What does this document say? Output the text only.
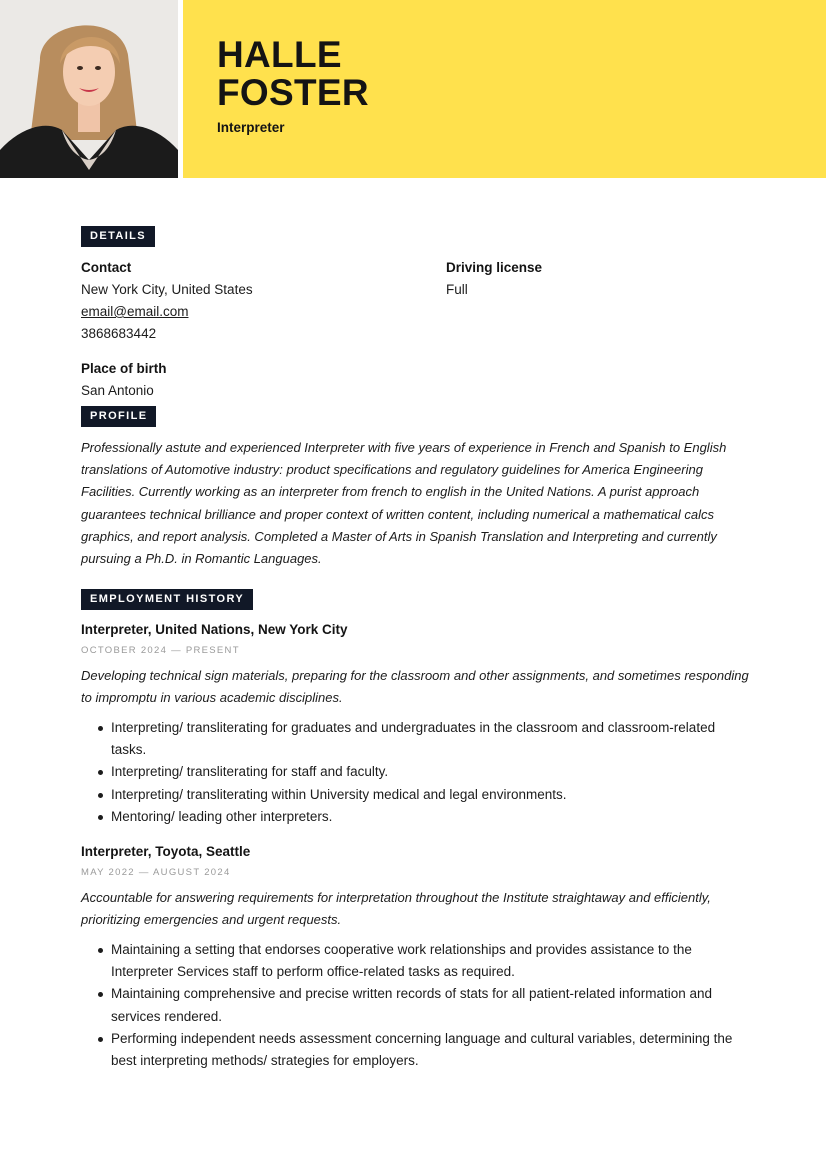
HALLE
FOSTER
Interpreter
DETAILS
Contact
New York City, United States
email@email.com
3868683442
Place of birth
San Antonio
Driving license
Full
PROFILE

Professionally astute and experienced Interpreter with five years of experience in French and Spanish to English translations of Automotive industry: product specifications and regulatory guidelines for America Engineering Facilities. Currently working as an interpreter from french to english in the United Nations. A purist approach guarantees technical brilliance and proper context of written content, including numerical a mathematical calcs graphics, and report analysis. Completed a Master of Arts in Spanish Translation and Interpreting and currently pursuing a Ph.D. in Romantic Languages.

EMPLOYMENT HISTORY
Interpreter, United Nations, New York City
OCTOBER 2024 — PRESENT

Developing technical sign materials, preparing for the classroom and other assignments, and sometimes responding to impromptu in various academic disciplines.

Interpreting/ transliterating for graduates and undergraduates in the classroom and classroom-related tasks.
Interpreting/ transliterating for staff and faculty.
Interpreting/ transliterating within University medical and legal environments.
Mentoring/ leading other interpreters.
Interpreter, Toyota, Seattle
MAY 2022 — AUGUST 2024

Accountable for answering requirements for interpretation throughout the Institute straightaway and efficiently, prioritizing emergencies and urgent requests.

Maintaining a setting that endorses cooperative work relationships and provides assistance to the Interpreter Services staff to perform office-related tasks as required.
Maintaining comprehensive and precise written records of stats for all patient-related information and services rendered.
Performing independent needs assessment concerning language and cultural variables, determining the best interpreting methods/ strategies for employers.
